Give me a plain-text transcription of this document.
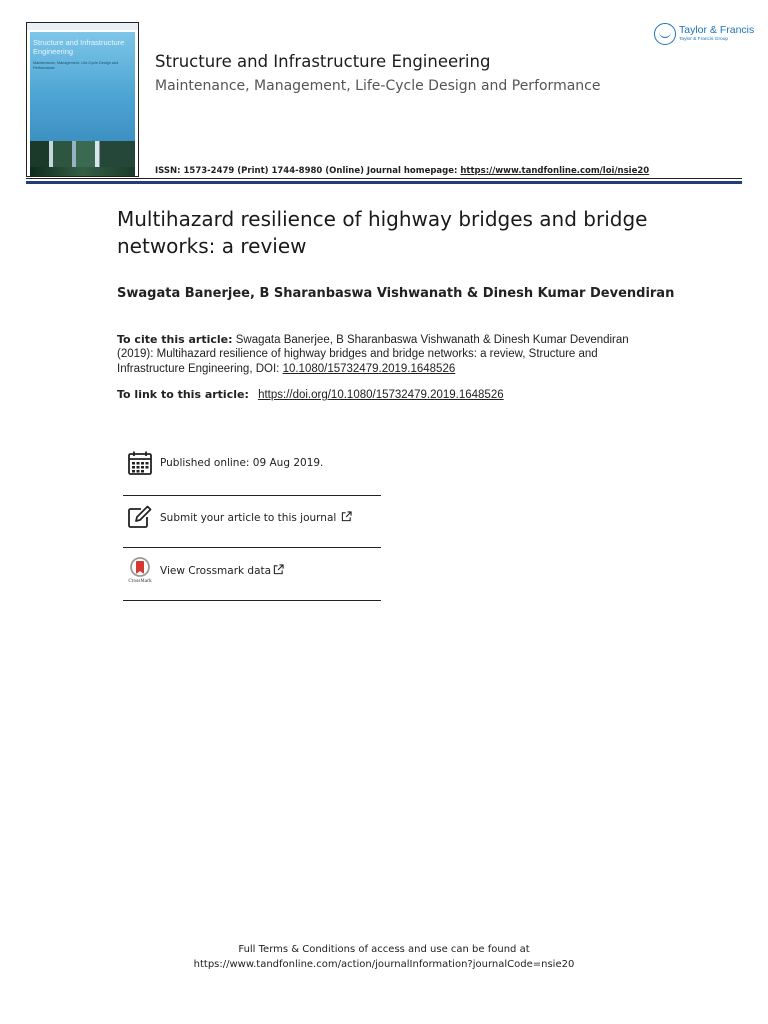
Structure and Infrastructure Engineering
Maintenance, Management, Life-Cycle Design and Performance	Structure and Infrastructure Engineering
Maintenance, Management, Life-Cycle Design and Performance
Taylor & Francis
Taylor & Francis Group
ISSN: 1573-2479 (Print) 1744-8980 (Online) Journal homepage: https://www.tandfonline.com/loi/nsie20
Multihazard resilience of highway bridges and bridge networks: a review
Swagata Banerjee, B Sharanbaswa Vishwanath & Dinesh Kumar Devendiran
To cite this article: Swagata Banerjee, B Sharanbaswa Vishwanath & Dinesh Kumar Devendiran (2019): Multihazard resilience of highway bridges and bridge networks: a review, Structure and Infrastructure Engineering, DOI: 10.1080/15732479.2019.1648526
To link to this article: https://doi.org/10.1080/15732479.2019.1648526
Published online: 09 Aug 2019.
Submit your article to this journal
CrossMark
View Crossmark data
Full Terms & Conditions of access and use can be found at
https://www.tandfonline.com/action/journalInformation?journalCode=nsie20
